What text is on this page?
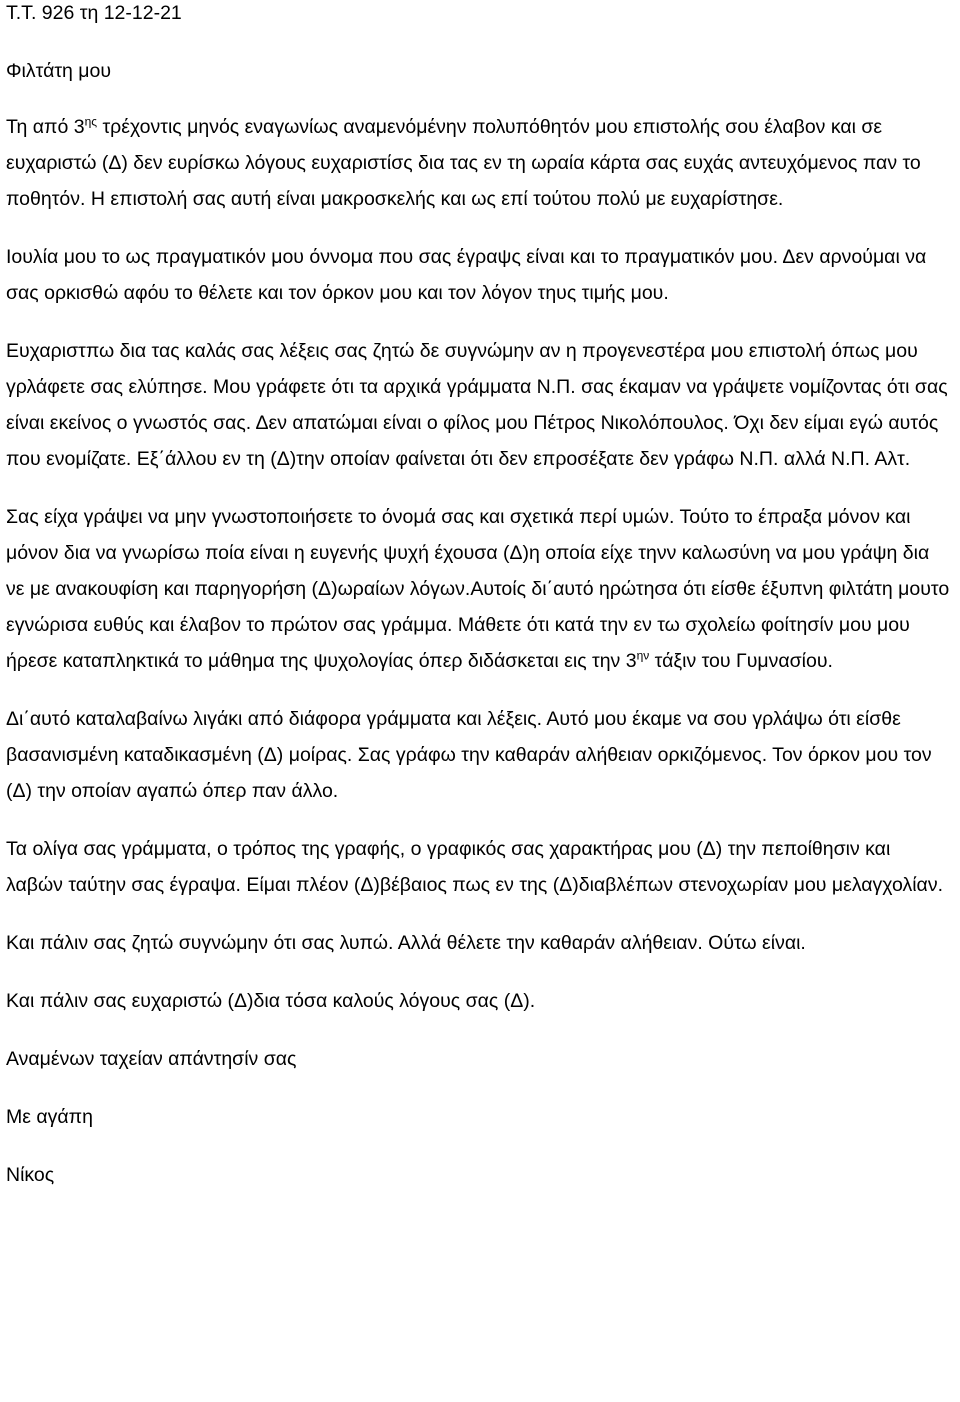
Τ.Τ. 926 τη 12-12-21

Φιλτάτη μου

Τη από $3^{\eta\varsigma}$ τρέχοντις μηνός εναγωνίως αναμενόμένην πολυπόθητόν μου επιστολής σου έλαβον και σε ευχαριστώ (Δ) δεν ευρίσκω λόγους ευχαριστίσς δια τας εν τη ωραία κάρτα σας ευχάς αντευχόμενος παν το ποθητόν. Η επιστολή σας αυτή είναι μακροσκελής και ως επί τούτου πολύ με ευχαρίστησε.

Ιουλία μου το ως πραγματικόν μου όννομα που σας έγραψς είναι και το πραγματικόν μου. Δεν αρνούμαι να σας ορκισθώ αφόυ το θέλετε και τον όρκον μου και τον λόγον τηυς τιμής μου.

Ευχαριστπω δια τας καλάς σας λέξεις σας ζητώ δε συγνώμην αν η προγενεστέρα μου επιστολή όπως μου γρλάφετε σας ελύπησε. Μου γράφετε ότι τα αρχικά γράμματα Ν.Π. σας έκαμαν να γράψετε νομίζοντας ότι σας είναι εκείνος ο γνωστός σας. Δεν απατώμαι είναι ο φίλος μου Πέτρος Νικολόπουλος. Όχι δεν είμαι εγώ αυτός που ενομίζατε. Εξ΄άλλου εν τη (Δ)την οποίαν φαίνεται ότι δεν επροσέξατε δεν γράφω Ν.Π. αλλά Ν.Π. Αλτ.

Σας είχα γράψει να μην γνωστοποιήσετε το όνομά σας και σχετικά περί υμών. Τούτο το έπραξα μόνον και μόνον δια να γνωρίσω ποία είναι η ευγενής ψυχή έχουσα (Δ)η οποία είχε τηνν καλωσύνη να μου γράψη δια νε με ανακουφίση και παρηγορήση (Δ)ωραίων λόγων.Αυτοίς δι΄αυτό ηρώτησα ότι είσθε έξυπνη φιλτάτη μουτο εγνώρισα ευθύς και έλαβον το πρώτον σας γράμμα. Μάθετε ότι κατά την εν τω σχολείω φοίτησίν μου μου ήρεσε καταπληκτικά το μάθημα της ψυχολογίας όπερ διδάσκεται εις την $3^{\eta\nu}$ τάξιν του Γυμνασίου.

Δι΄αυτό καταλαβαίνω λιγάκι από διάφορα γράμματα και λέξεις. Αυτό μου έκαμε να σου γρλάψω ότι είσθε βασανισμένη καταδικασμένη (Δ) μοίρας. Σας γράφω την καθαράν αλήθειαν ορκιζόμενος. Τον όρκον μου τον (Δ) την οποίαν αγαπώ όπερ παν άλλο.

Τα ολίγα σας γράμματα, ο τρόπος της γραφής, ο γραφικός σας χαρακτήρας μου (Δ) την πεποίθησιν και λαβών ταύτην σας έγραψα. Είμαι πλέον (Δ)βέβαιος πως εν της (Δ)διαβλέπων στενοχωρίαν μου μελαγχολίαν.

Και πάλιν σας ζητώ συγνώμην ότι σας λυπώ. Αλλά θέλετε την καθαράν αλήθειαν. Ούτω είναι.

Και πάλιν σας ευχαριστώ (Δ)δια τόσα καλούς λόγους σας (Δ).

Αναμένων ταχείαν απάντησίν σας

Με αγάπη

Νίκος
